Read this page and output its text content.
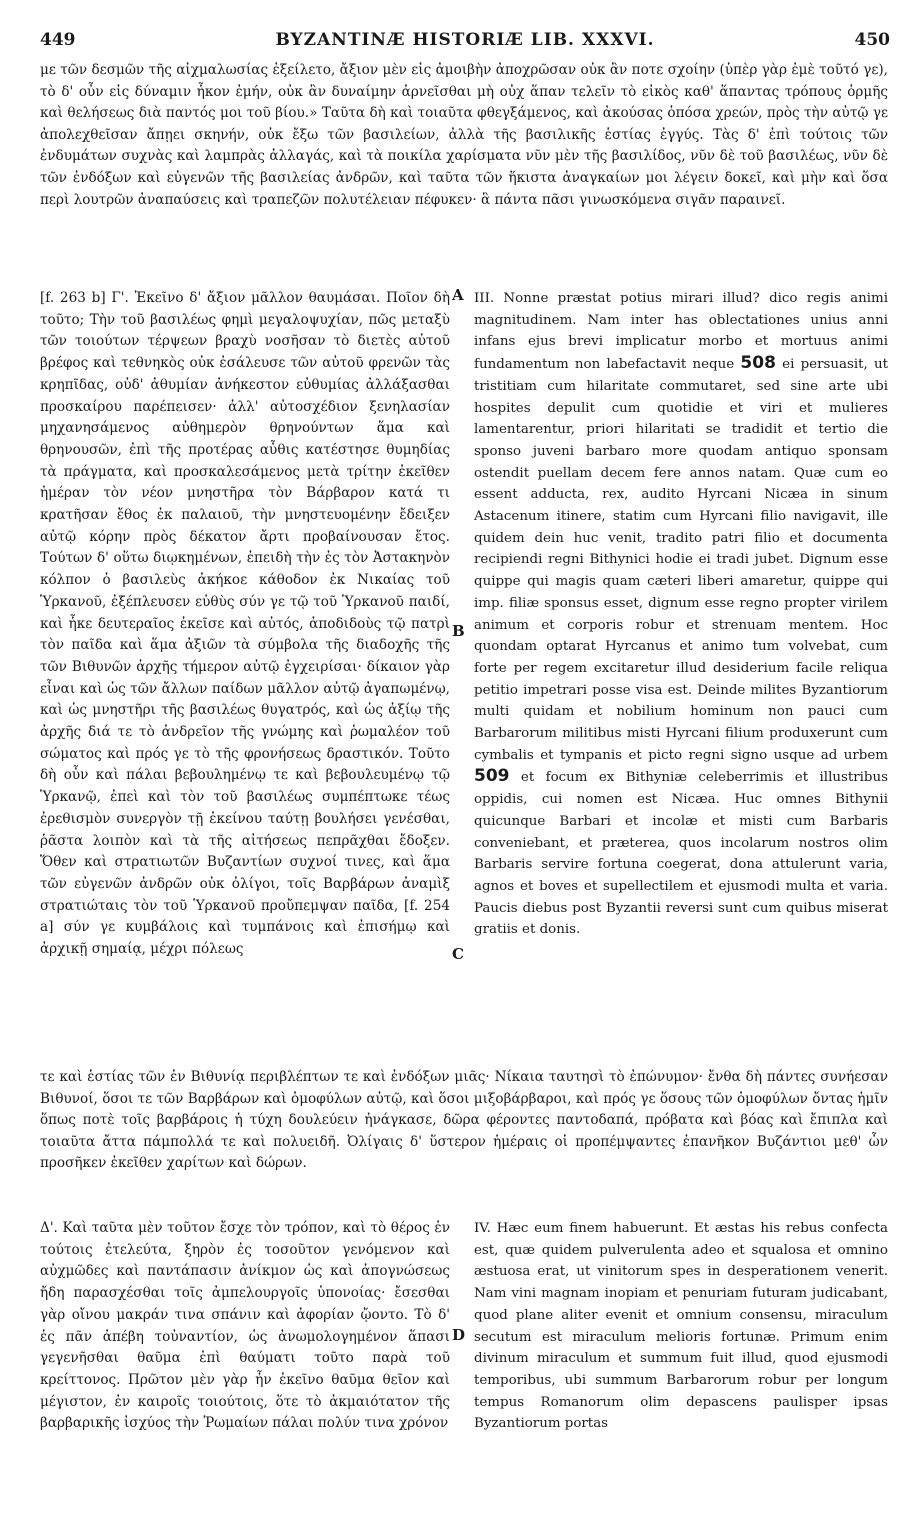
449	BYZANTINÆ HISTORIÆ LIB. XXXVI.	450

με τῶν δεσμῶν τῆς αἰχμαλωσίας ἐξείλετο, ἄξιον μὲν εἰς ἀμοιβὴν ἀποχρῶσαν οὐκ ἂν ποτε σχοίην (ὑπὲρ γὰρ ἐμὲ τοῦτό γε), τὸ δ' οὖν εἰς δύναμιν ἧκον ἐμήν, οὐκ ἂν δυναίμην ἀρνεῖσθαι μὴ οὐχ ἅπαν τελεῖν τὸ εἰκὸς καθ' ἅπαντας τρόπους ὁρμῆς καὶ θελήσεως διὰ παντός μοι τοῦ βίου.» Ταῦτα δὴ καὶ τοιαῦτα φθεγξάμενος, καὶ ἀκούσας ὁπόσα χρεών, πρὸς τὴν αὐτῷ γε ἀπολεχθεῖσαν ἄπῃει σκηνήν, οὐκ ἔξω τῶν βασιλείων, ἀλλὰ τῆς βασιλικῆς ἑστίας ἐγγύς. Τὰς δ' ἐπὶ τούτοις τῶν ἐνδυμάτων συχνὰς καὶ λαμπρὰς ἀλλαγάς, καὶ τὰ ποικίλα χαρίσματα νῦν μὲν τῆς βασιλίδος, νῦν δὲ τοῦ βασιλέως, νῦν δὲ τῶν ἐνδόξων καὶ εὐγενῶν τῆς βασιλείας ἀνδρῶν, καὶ ταῦτα τῶν ἥκιστα ἀναγκαίων μοι λέγειν δοκεῖ, καὶ μὴν καὶ ὅσα περὶ λουτρῶν ἀναπαύσεις καὶ τραπεζῶν πολυτέλειαν πέφυκεν· ἃ πάντα πᾶσι γινωσκόμενα σιγᾶν παραινεῖ.

A
B
C
D

[f. 263 b] Γ'. Ἐκεῖνο δ' ἄξιον μᾶλλον θαυμάσαι. Ποῖον δὴ τοῦτο; Τὴν τοῦ βασιλέως φημὶ μεγαλοψυχίαν, πῶς μεταξὺ τῶν τοιούτων τέρψεων βραχὺ νοσῆσαν τὸ διετὲς αὐτοῦ βρέφος καὶ τεθνηκὸς οὐκ ἐσάλευσε τῶν αὐτοῦ φρενῶν τὰς κρηπῖδας, οὐδ' ἀθυμίαν ἀνήκεστον εὐθυμίας ἀλλάξασθαι προσκαίρου παρέπεισεν· ἀλλ' αὐτοσχέδιον ξενηλασίαν μηχανησάμενος αὐθημερὸν θρηνούντων ἅμα καὶ θρηνουσῶν, ἐπὶ τῆς προτέρας αὖθις κατέστησε θυμηδίας τὰ πράγματα, καὶ προσκαλεσάμενος μετὰ τρίτην ἐκεῖθεν ἡμέραν τὸν νέον μνηστῆρα τὸν Βάρβαρον κατά τι κρατῆσαν ἔθος ἐκ παλαιοῦ, τὴν μνηστευομένην ἔδειξεν αὐτῷ κόρην πρὸς δέκατον ἄρτι προβαίνουσαν ἔτος. Τούτων δ' οὕτω διῳκημένων, ἐπειδὴ τὴν ἐς τὸν Ἀστακηνὸν κόλπον ὁ βασιλεὺς ἀκήκοε κάθοδον ἐκ Νικαίας τοῦ Ὑρκανοῦ, ἐξέπλευσεν εὐθὺς σύν γε τῷ τοῦ Ὑρκανοῦ παιδί, καὶ ἧκε δευτεραῖος ἐκεῖσε καὶ αὐτός, ἀποδιδοὺς τῷ πατρὶ τὸν παῖδα καὶ ἅμα ἀξιῶν τὰ σύμβολα τῆς διαδοχῆς τῆς τῶν Βιθυνῶν ἀρχῆς τήμερον αὐτῷ ἐγχειρίσαι· δίκαιον γὰρ εἶναι καὶ ὡς τῶν ἄλλων παίδων μᾶλλον αὐτῷ ἀγαπωμένῳ, καὶ ὡς μνηστῆρι τῆς βασιλέως θυγατρός, καὶ ὡς ἀξίῳ τῆς ἀρχῆς διά τε τὸ ἀνδρεῖον τῆς γνώμης καὶ ῥωμαλέον τοῦ σώματος καὶ πρός γε τὸ τῆς φρονήσεως δραστικόν. Τοῦτο δὴ οὖν καὶ πάλαι βεβουλημένῳ τε καὶ βεβουλευμένῳ τῷ Ὑρκανῷ, ἐπεὶ καὶ τὸν τοῦ βασιλέως συμπέπτωκε τέως ἐρεθισμὸν συνεργὸν τῇ ἐκείνου ταύτῃ βουλήσει γενέσθαι, ῥᾶστα λοιπὸν καὶ τὰ τῆς αἰτήσεως πεπρᾶχθαι ἔδοξεν. Ὅθεν καὶ στρατιωτῶν Βυζαντίων συχνοί τινες, καὶ ἅμα τῶν εὐγενῶν ἀνδρῶν οὐκ ὀλίγοι, τοῖς Βαρβάρων ἀναμὶξ στρατιώταις τὸν τοῦ Ὑρκανοῦ προὔπεμψαν παῖδα, [f. 254 a] σύν γε κυμβάλοις καὶ τυμπάνοις καὶ ἐπισήμῳ καὶ ἀρχικῇ σημαίᾳ, μέχρι πόλεως

III. Nonne præstat potius mirari illud? dico regis animi magnitudinem. Nam inter has oblectationes unius anni infans ejus brevi implicatur morbo et mortuus animi fundamentum non labefactavit neque 508 ei persuasit, ut tristitiam cum hilaritate commutaret, sed sine arte ubi hospites depulit cum quotidie et viri et mulieres lamentarentur, priori hilaritati se tradidit et tertio die sponso juveni barbaro more quodam antiquo sponsam ostendit puellam decem fere annos natam. Quæ cum eo essent adducta, rex, audito Hyrcani Nicæa in sinum Astacenum itinere, statim cum Hyrcani filio navigavit, ille quidem dein huc venit, tradito patri filio et documenta recipiendi regni Bithynici hodie ei tradi jubet. Dignum esse quippe qui magis quam cæteri liberi amaretur, quippe qui imp. filiæ sponsus esset, dignum esse regno propter virilem animum et corporis robur et strenuam mentem. Hoc quondam optarat Hyrcanus et animo tum volvebat, cum forte per regem excitaretur illud desiderium facile reliqua petitio impetrari posse visa est. Deinde milites Byzantiorum multi quidam et nobilium hominum non pauci cum Barbarorum militibus misti Hyrcani filium produxerunt cum cymbalis et tympanis et picto regni signo usque ad urbem 509 et focum ex Bithyniæ celeberrimis et illustribus oppidis, cui nomen est Nicæa. Huc omnes Bithynii quicunque Barbari et incolæ et misti cum Barbaris conveniebant, et præterea, quos incolarum nostros olim Barbaris servire fortuna coegerat, dona attulerunt varia, agnos et boves et supellectilem et ejusmodi multa et varia. Paucis diebus post Byzantii reversi sunt cum quibus miserat gratiis et donis.

τε καὶ ἑστίας τῶν ἐν Βιθυνίᾳ περιβλέπτων τε καὶ ἐνδόξων μιᾶς· Νίκαια ταυτησὶ τὸ ἐπώνυμον· ἔνθα δὴ πάντες συνήεσαν Βιθυνοί, ὅσοι τε τῶν Βαρβάρων καὶ ὁμοφύλων αὐτῷ, καὶ ὅσοι μιξοβάρβαροι, καὶ πρός γε ὅσους τῶν ὁμοφύλων ὄντας ἡμῖν ὅπως ποτὲ τοῖς βαρβάροις ἡ τύχη δουλεύειν ἠνάγκασε, δῶρα φέροντες παντοδαπά, πρόβατα καὶ βόας καὶ ἔπιπλα καὶ τοιαῦτα ἄττα πάμπολλά τε καὶ πολυειδῆ. Ὀλίγαις δ' ὕστερον ἡμέραις οἱ προπέμψαντες ἐπανῆκον Βυζάντιοι μεθ' ὧν προσῆκεν ἐκεῖθεν χαρίτων καὶ δώρων.

Δ'. Καὶ ταῦτα μὲν τοῦτον ἔσχε τὸν τρόπον, καὶ τὸ θέρος ἐν τούτοις ἐτελεύτα, ξηρὸν ἐς τοσοῦτον γενόμενον καὶ αὐχμῶδες καὶ παντάπασιν ἀνίκμον ὡς καὶ ἀπογνώσεως ἤδη παρασχέσθαι τοῖς ἀμπελουργοῖς ὑπονοίας· ἔσεσθαι γὰρ οἴνου μακράν τινα σπάνιν καὶ ἀφορίαν ᾤοντο. Τὸ δ' ἐς πᾶν ἀπέβη τοὐναντίον, ὡς ἀνωμολογημένον ἅπασι γεγενῆσθαι θαῦμα ἐπὶ θαύματι τοῦτο παρὰ τοῦ κρείττονος. Πρῶτον μὲν γὰρ ἦν ἐκεῖνο θαῦμα θεῖον καὶ μέγιστον, ἐν καιροῖς τοιούτοις, ὅτε τὸ ἀκμαιότατον τῆς βαρβαρικῆς ἰσχύος τὴν Ῥωμαίων πάλαι πολύν τινα χρόνον

IV. Hæc eum finem habuerunt. Et æstas his rebus confecta est, quæ quidem pulverulenta adeo et squalosa et omnino æstuosa erat, ut vinitorum spes in desperationem venerit. Nam vini magnam inopiam et penuriam futuram judicabant, quod plane aliter evenit et omnium consensu, miraculum secutum est miraculum melioris fortunæ. Primum enim divinum miraculum et summum fuit illud, quod ejusmodi temporibus, ubi summum Barbarorum robur per longum tempus Romanorum olim depascens paulisper ipsas Byzantiorum portas
